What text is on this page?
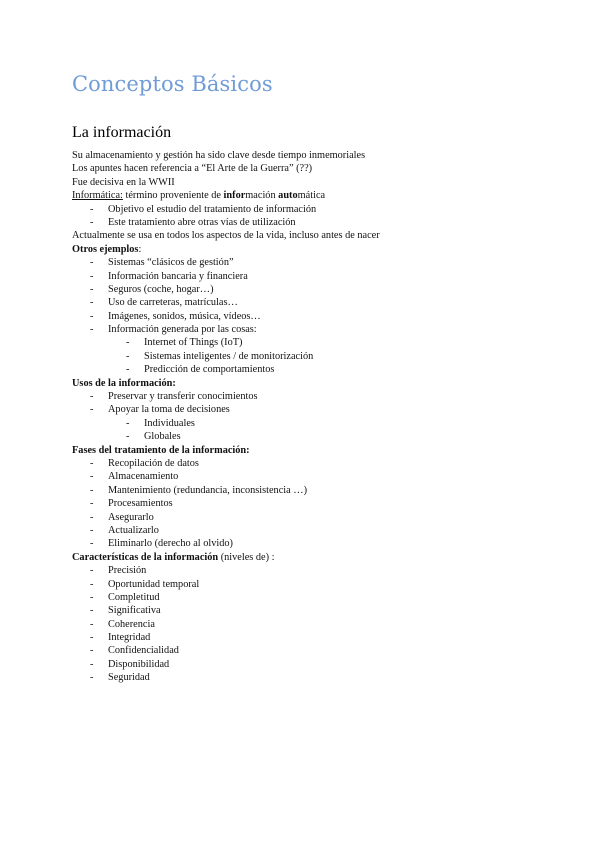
Conceptos Básicos
La información
Su almacenamiento y gestión ha sido clave desde tiempo inmemoriales
Los apuntes hacen referencia a “El Arte de la Guerra” (??)
Fue decisiva en la WWII
Informática: término proveniente de información automática
-	Objetivo el estudio del tratamiento de información
-	Este tratamiento abre otras vías de utilización
Actualmente se usa en todos los aspectos de la vida, incluso antes de nacer
Otros ejemplos:
-	Sistemas “clásicos de gestión”
-	Información bancaria y financiera
-	Seguros (coche, hogar…)
-	Uso de carreteras, matrículas…
-	Imágenes, sonidos, música, vídeos…
-	Información generada por las cosas:
-	Internet of Things (IoT)
-	Sistemas inteligentes / de monitorización
-	Predicción de comportamientos
Usos de la información:
-	Preservar y transferir conocimientos
-	Apoyar la toma de decisiones
-	Individuales
-	Globales
Fases del tratamiento de la información:
-	Recopilación de datos
-	Almacenamiento
-	Mantenimiento (redundancia, inconsistencia …)
-	Procesamientos
-	Asegurarlo
-	Actualizarlo
-	Eliminarlo (derecho al olvido)
Características de la información (niveles de) :
-	Precisión
-	Oportunidad temporal
-	Completitud
-	Significativa
-	Coherencia
-	Integridad
-	Confidencialidad
-	Disponibilidad
-	Seguridad
